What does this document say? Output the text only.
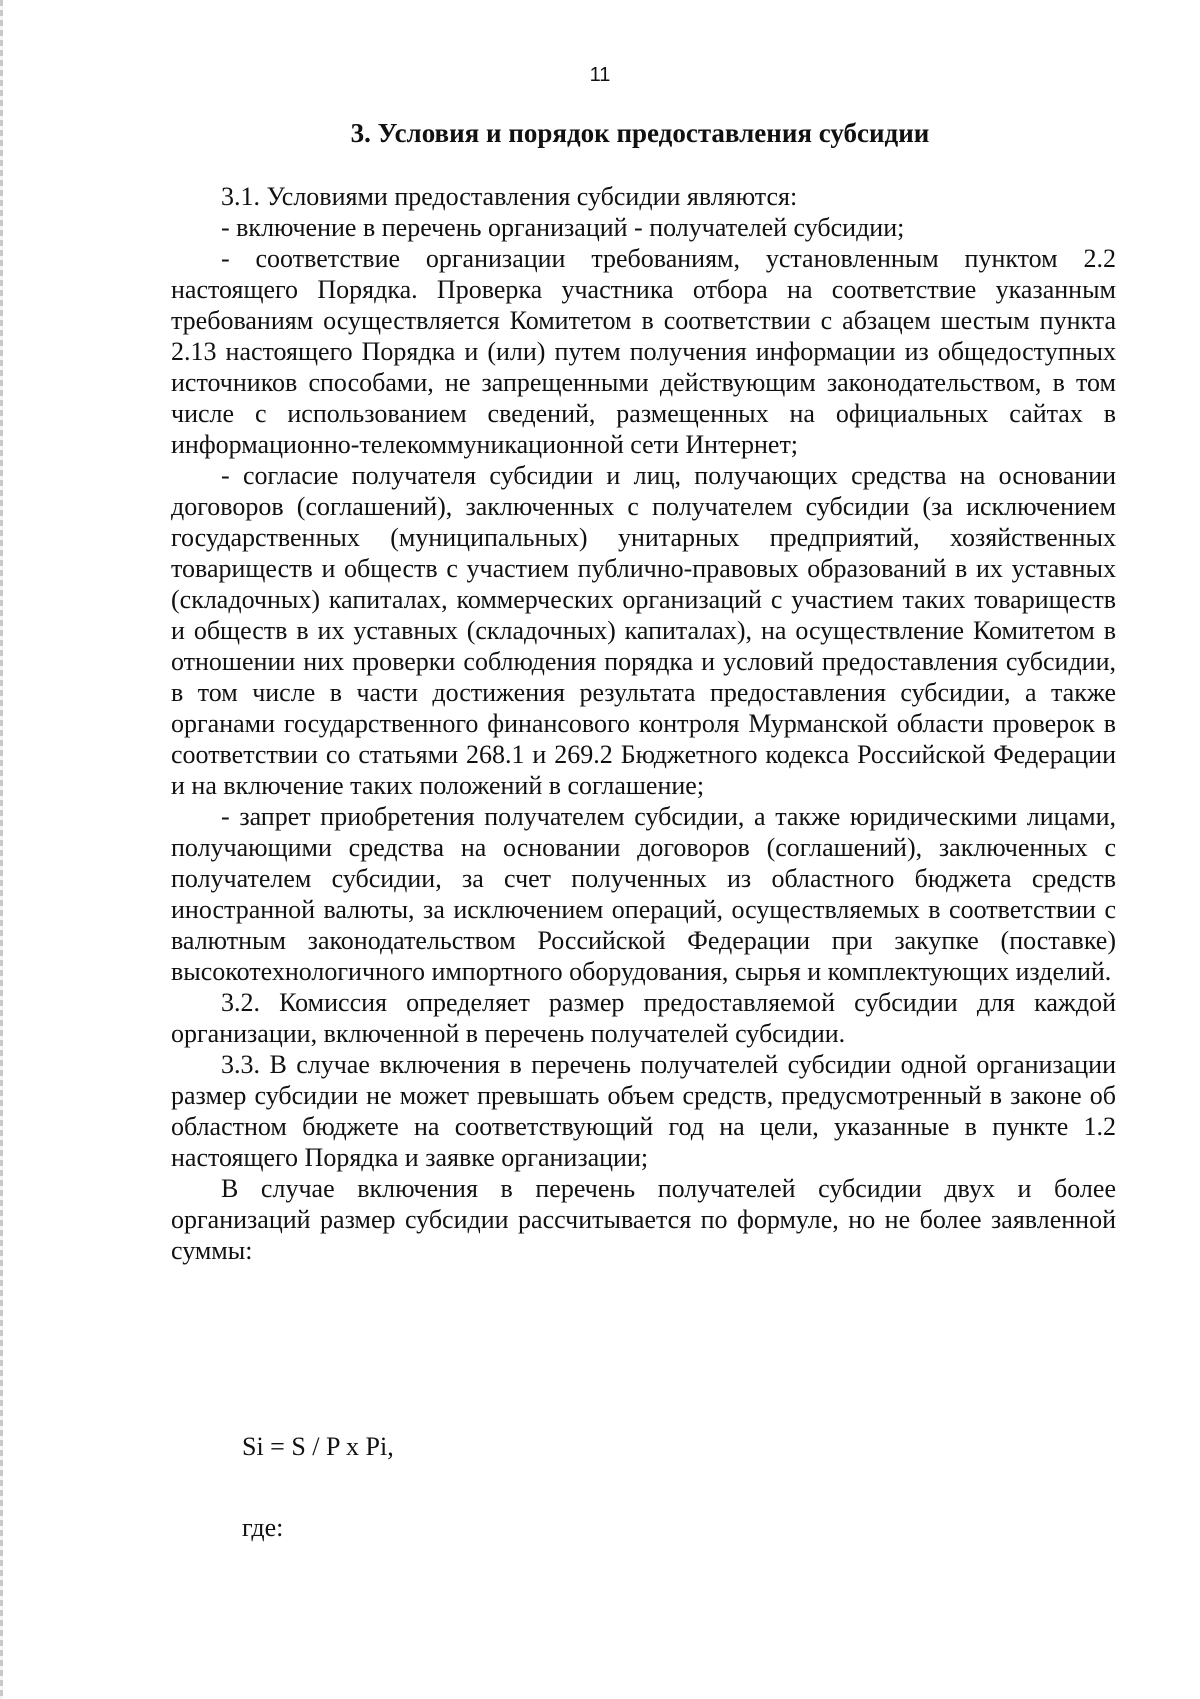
11
3. Условия и порядок предоставления субсидии

3.1. Условиями предоставления субсидии являются:

- включение в перечень организаций - получателей субсидии;

- соответствие организации требованиям, установленным пунктом 2.2 настоящего Порядка. Проверка участника отбора на соответствие указанным требованиям осуществляется Комитетом в соответствии с абзацем шестым пункта 2.13 настоящего Порядка и (или) путем получения информации из общедоступных источников способами, не запрещенными действующим законодательством, в том числе с использованием сведений, размещенных на официальных сайтах в информационно-телекоммуникационной сети Интернет;

- согласие получателя субсидии и лиц, получающих средства на основании договоров (соглашений), заключенных с получателем субсидии (за исключением государственных (муниципальных) унитарных предприятий, хозяйственных товариществ и обществ с участием публично-правовых образований в их уставных (складочных) капиталах, коммерческих организаций с участием таких товариществ и обществ в их уставных (складочных) капиталах), на осуществление Комитетом в отношении них проверки соблюдения порядка и условий предоставления субсидии, в том числе в части достижения результата предоставления субсидии, а также органами государственного финансового контроля Мурманской области проверок в соответствии со статьями 268.1 и 269.2 Бюджетного кодекса Российской Федерации и на включение таких положений в соглашение;

- запрет приобретения получателем субсидии, а также юридическими лицами, получающими средства на основании договоров (соглашений), заключенных с получателем субсидии, за счет полученных из областного бюджета средств иностранной валюты, за исключением операций, осуществляемых в соответствии с валютным законодательством Российской Федерации при закупке (поставке) высокотехнологичного импортного оборудования, сырья и комплектующих изделий.

3.2. Комиссия определяет размер предоставляемой субсидии для каждой организации, включенной в перечень получателей субсидии.

3.3. В случае включения в перечень получателей субсидии одной организации размер субсидии не может превышать объем средств, предусмотренный в законе об областном бюджете на соответствующий год на цели, указанные в пункте 1.2 настоящего Порядка и заявке организации;

В случае включения в перечень получателей субсидии двух и более организаций размер субсидии рассчитывается по формуле, но не более заявленной суммы:

Si = S / P x Pi,
где:
